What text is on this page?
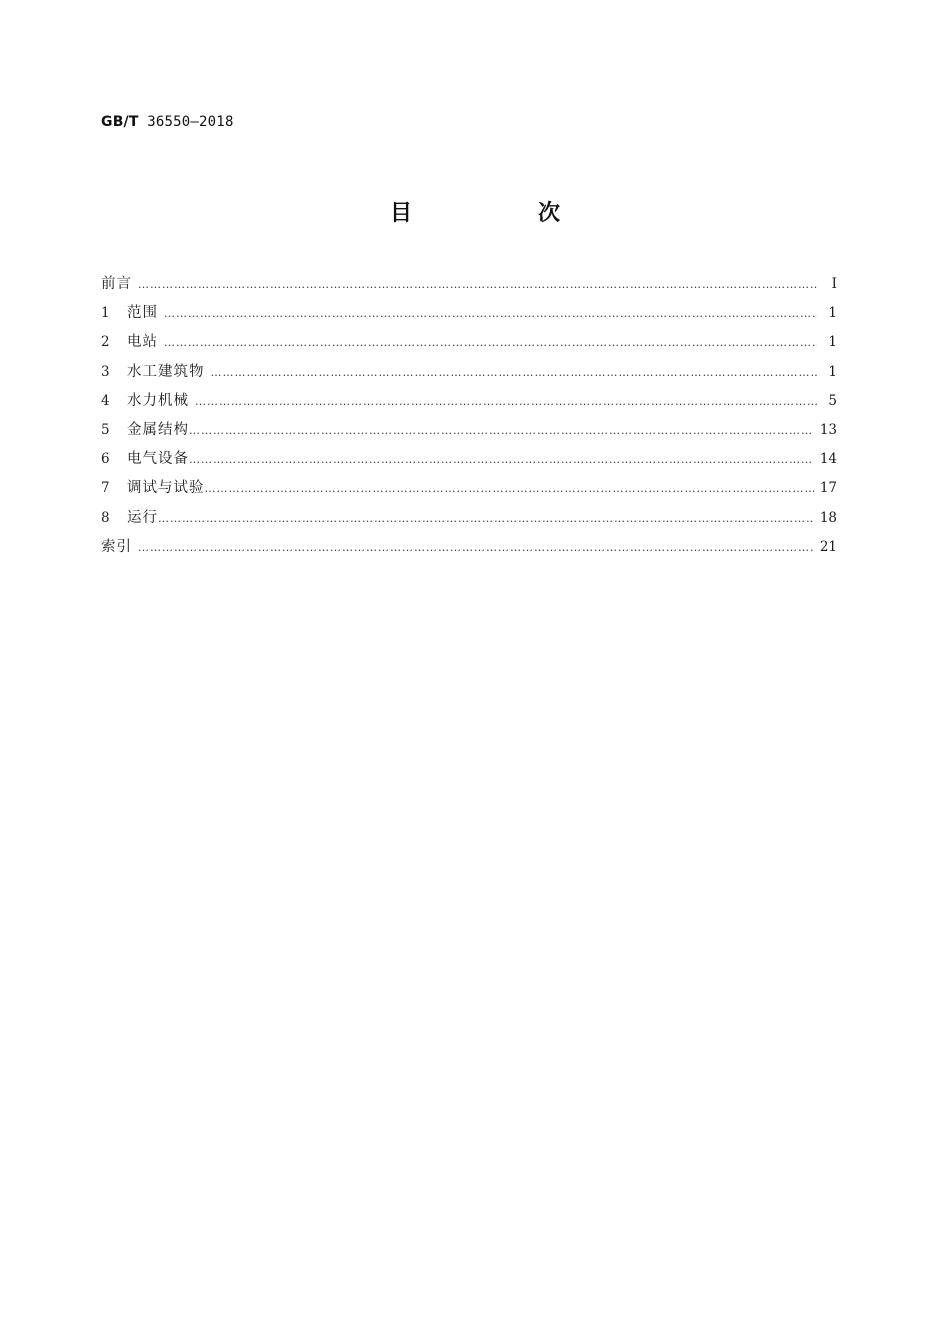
GB/T 36550—2018
目　次
前言 ……………………………………………………………………………………………………………………………………………………………………………………………………	Ⅰ
1	范围 ……………………………………………………………………………………………………………………………………………………………………………………………………	1
2	电站 ……………………………………………………………………………………………………………………………………………………………………………………………………	1
3	水工建筑物 ……………………………………………………………………………………………………………………………………………………………………………………………………	1
4	水力机械 ……………………………………………………………………………………………………………………………………………………………………………………………………	5
5	金属结构 ……………………………………………………………………………………………………………………………………………………………………………………………………	13
6	电气设备 ……………………………………………………………………………………………………………………………………………………………………………………………………	14
7	调试与试验 ……………………………………………………………………………………………………………………………………………………………………………………………………	17
8	运行 ……………………………………………………………………………………………………………………………………………………………………………………………………	18
索引 ……………………………………………………………………………………………………………………………………………………………………………………………………	21
